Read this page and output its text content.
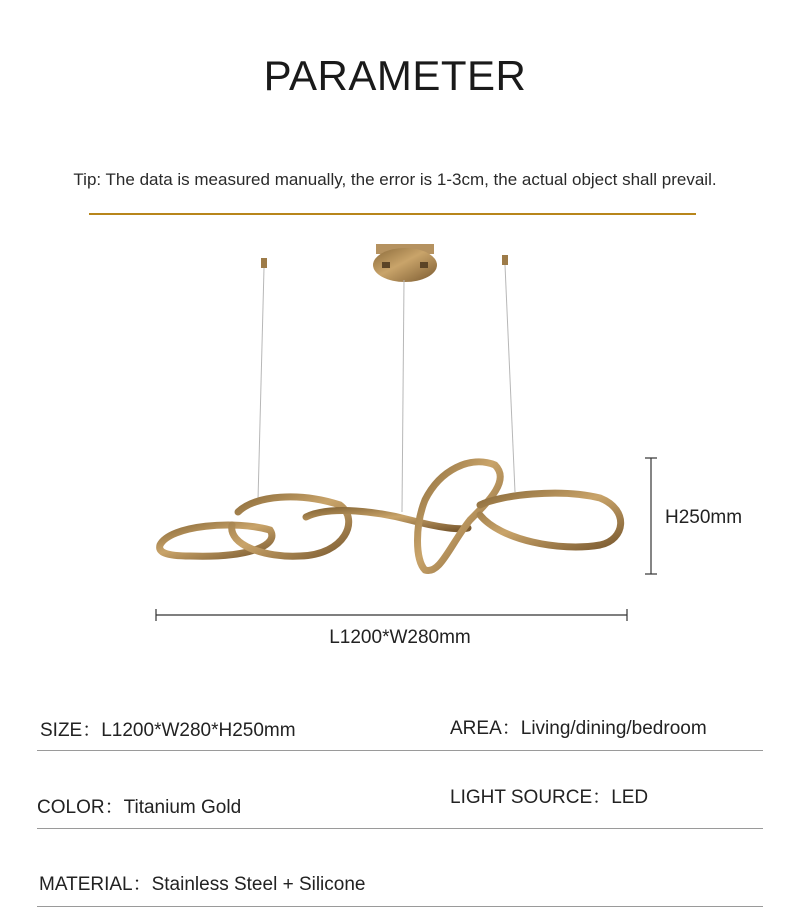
PARAMETER
Tip: The data is measured manually, the error is 1-3cm, the actual object shall prevail.
H250mm
L1200*W280mm
SIZE：L1200*W280*H250mm	AREA：Living/dining/bedroom
COLOR：Titanium Gold	LIGHT SOURCE：LED
MATERIAL：Stainless Steel + Silicone
